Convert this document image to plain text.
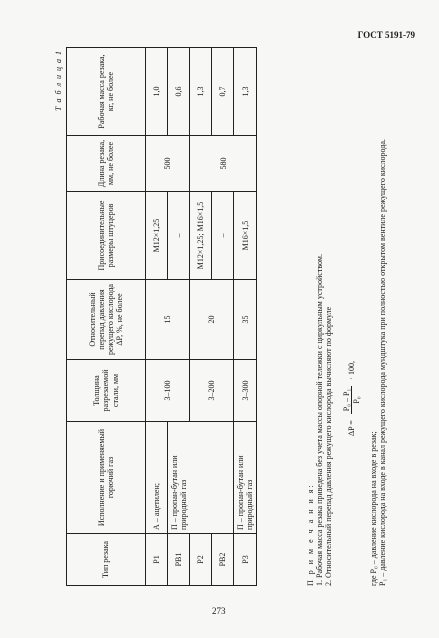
ГОСТ 5191-79
Т а б л и ц а 1
Тип резака	Исполнение и применяемый горючий газ	Толщина разрезаемой стали, мм	Относительный перепад давления режущего кислорода ΔP, %, не более	Присоединительные размеры штуцеров	Длина резака, мм, не более	Рабочая масса резака, кг, не более
Р1	А – ацетилен;	3–100	15	М12×1,25	500	1,0
РВ1	П – пропан-бутан или природный газ			–		0,6
Р2		3–200	20	М12×1,25; М16×1,5	580	1,3
РВ2				–		0,7
Р3	П – пропан-бутан или природный газ	3–300	35	М16×1,5		1,3
П р и м е ч а н и я: 1. Рабочая масса резака приведена без учета массы опорной тележки с циркульным устройством. 2. Относительный перепад давления режущего кислорода вычисляют по формуле ΔP =
P₀ – P₁ P₀
· 100,

где P₀ – давление кислорода на входе в резак; P₁ – давление кислорода на входе в канал режущего кислорода мундштука при полностью открытом вентиле режущего кислорода.

273
